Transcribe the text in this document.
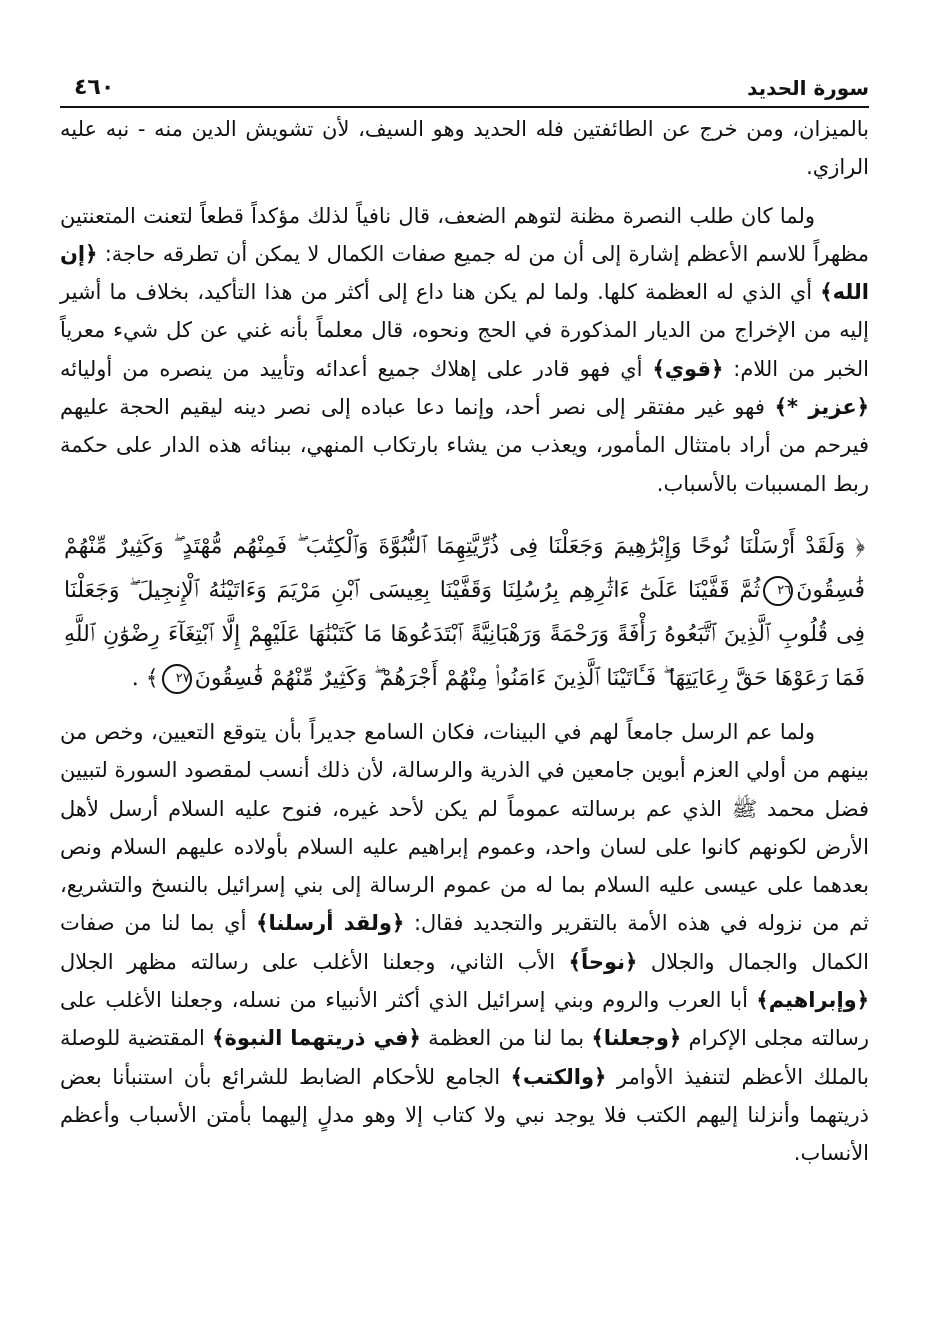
سورة الحديد
٤٦٠

بالميزان، ومن خرج عن الطائفتين فله الحديد وهو السيف، لأن تشويش الدين منه - نبه عليه الرازي.

ولما كان طلب النصرة مظنة لتوهم الضعف، قال نافياً لذلك مؤكداً قطعاً لتعنت المتعنتين مظهراً للاسم الأعظم إشارة إلى أن من له جميع صفات الكمال لا يمكن أن تطرقه حاجة: ﴿إن الله﴾ أي الذي له العظمة كلها. ولما لم يكن هنا داع إلى أكثر من هذا التأكيد، بخلاف ما أشير إليه من الإخراج من الديار المذكورة في الحج ونحوه، قال معلماً بأنه غني عن كل شيء معرياً الخبر من اللام: ﴿قوي﴾ أي فهو قادر على إهلاك جميع أعدائه وتأييد من ينصره من أوليائه ﴿عزيز *﴾ فهو غير مفتقر إلى نصر أحد، وإنما دعا عباده إلى نصر دينه ليقيم الحجة عليهم فيرحم من أراد بامتثال المأمور، ويعذب من يشاء بارتكاب المنهي، ببنائه هذه الدار على حكمة ربط المسببات بالأسباب.

﴿ وَلَقَدْ أَرْسَلْنَا نُوحًا وَإِبْرَٰهِيمَ وَجَعَلْنَا فِى ذُرِّيَّتِهِمَا ٱلنُّبُوَّةَ وَٱلْكِتَٰبَ ۖ فَمِنْهُم مُّهْتَدٍ ۖ وَكَثِيرٌ مِّنْهُمْ فَٰسِقُونَ٢٦ثُمَّ قَفَّيْنَا عَلَىٰٓ ءَاثَٰرِهِم بِرُسُلِنَا وَقَفَّيْنَا بِعِيسَى ٱبْنِ مَرْيَمَ وَءَاتَيْنَٰهُ ٱلْإِنجِيلَ ۖ وَجَعَلْنَا فِى قُلُوبِ ٱلَّذِينَ ٱتَّبَعُوهُ رَأْفَةً وَرَحْمَةً وَرَهْبَانِيَّةً ٱبْتَدَعُوهَا مَا كَتَبْنَٰهَا عَلَيْهِمْ إِلَّا ٱبْتِغَآءَ رِضْوَٰنِ ٱللَّهِ فَمَا رَعَوْهَا حَقَّ رِعَايَتِهَا ۖ فَـَٔاتَيْنَا ٱلَّذِينَ ءَامَنُوا۟ مِنْهُمْ أَجْرَهُمْ ۖ وَكَثِيرٌ مِّنْهُمْ فَٰسِقُونَ٢٧﴾ .

ولما عم الرسل جامعاً لهم في البينات، فكان السامع جديراً بأن يتوقع التعيين، وخص من بينهم من أولي العزم أبوين جامعين في الذرية والرسالة، لأن ذلك أنسب لمقصود السورة لتبيين فضل محمد ﷺ الذي عم برسالته عموماً لم يكن لأحد غيره، فنوح عليه السلام أرسل لأهل الأرض لكونهم كانوا على لسان واحد، وعموم إبراهيم عليه السلام بأولاده عليهم السلام ونص بعدهما على عيسى عليه السلام بما له من عموم الرسالة إلى بني إسرائيل بالنسخ والتشريع، ثم من نزوله في هذه الأمة بالتقرير والتجديد فقال: ﴿ولقد أرسلنا﴾ أي بما لنا من صفات الكمال والجمال والجلال ﴿نوحاً﴾ الأب الثاني، وجعلنا الأغلب على رسالته مظهر الجلال ﴿وإبراهيم﴾ أبا العرب والروم وبني إسرائيل الذي أكثر الأنبياء من نسله، وجعلنا الأغلب على رسالته مجلى الإكرام ﴿وجعلنا﴾ بما لنا من العظمة ﴿في ذريتهما النبوة﴾ المقتضية للوصلة بالملك الأعظم لتنفيذ الأوامر ﴿والكتب﴾ الجامع للأحكام الضابط للشرائع بأن استنبأنا بعض ذريتهما وأنزلنا إليهم الكتب فلا يوجد نبي ولا كتاب إلا وهو مدلٍ إليهما بأمتن الأسباب وأعظم الأنساب.
